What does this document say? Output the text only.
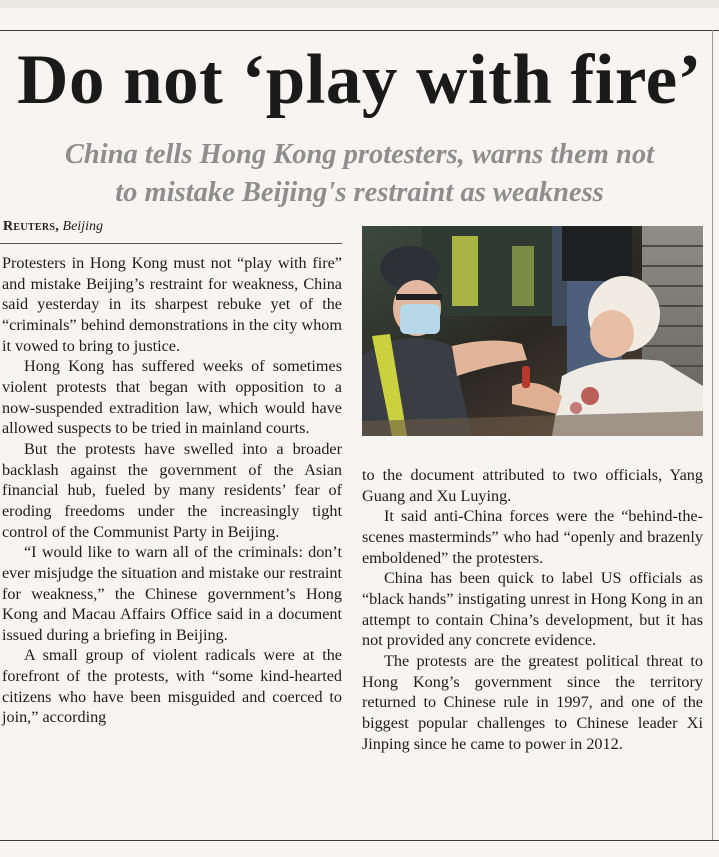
Do not ‘play with fire’
China tells Hong Kong protesters, warns them not
to mistake Beijing's restraint as weakness
Reuters, Beijing

Protesters in Hong Kong must not “play with fire” and mistake Beijing’s restraint for weakness, China said yesterday in its sharpest rebuke yet of the “criminals” behind demonstrations in the city whom it vowed to bring to justice.

Hong Kong has suffered weeks of sometimes violent protests that began with opposition to a now-suspended extradition law, which would have allowed suspects to be tried in mainland courts.

But the protests have swelled into a broader backlash against the government of the Asian financial hub, fueled by many residents’ fear of eroding freedoms under the increasingly tight control of the Communist Party in Beijing.

“I would like to warn all of the criminals: don’t ever misjudge the situation and mistake our restraint for weakness,” the Chinese government’s Hong Kong and Macau Affairs Office said in a document issued during a briefing in Beijing.

A small group of violent radicals were at the forefront of the protests, with “some kind-hearted citizens who have been misguided and coerced to join,” according

to the document attributed to two officials, Yang Guang and Xu Luying.

It said anti-China forces were the “behind-the-scenes masterminds” who had “openly and brazenly emboldened” the protesters.

China has been quick to label US officials as “black hands” instigating unrest in Hong Kong in an attempt to contain China’s development, but it has not provided any concrete evidence.

The protests are the greatest political threat to Hong Kong’s government since the territory returned to Chinese rule in 1997, and one of the biggest popular challenges to Chinese leader Xi Jinping since he came to power in 2012.
